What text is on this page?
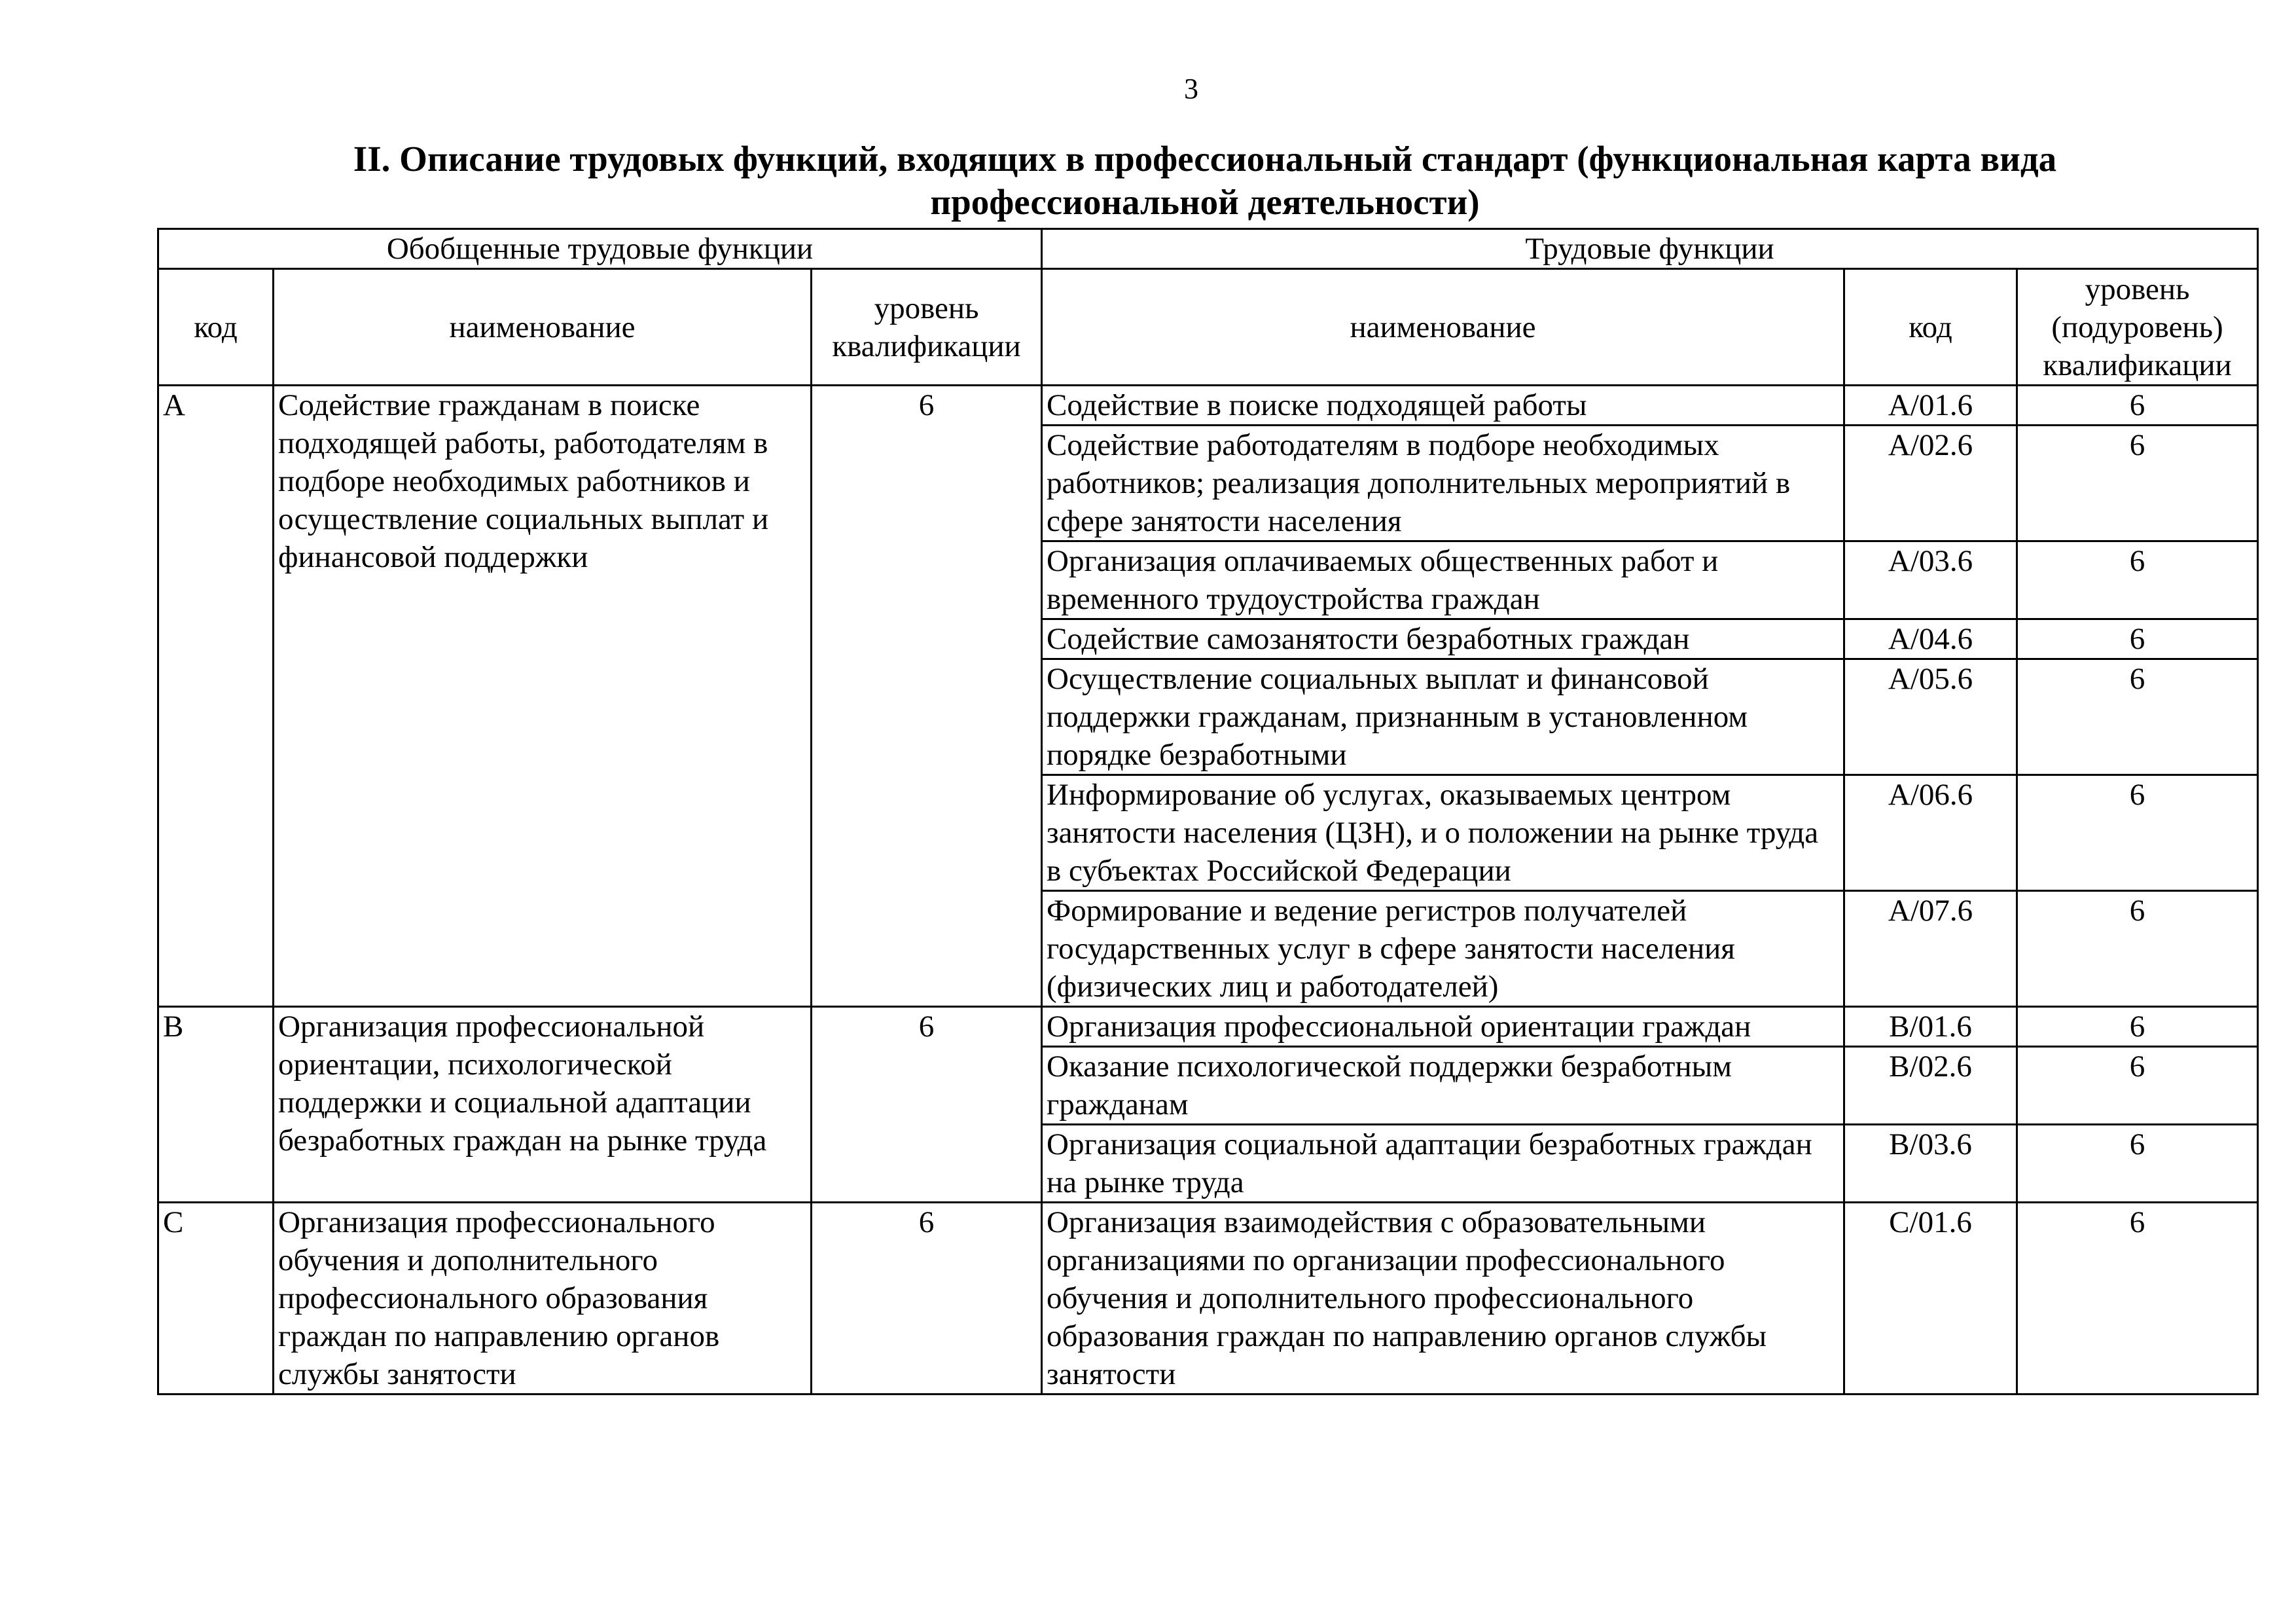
3
II. Описание трудовых функций, входящих в профессиональный стандарт (функциональная карта вида
профессиональной деятельности)
Обобщенные трудовые функции			Трудовые функции		
код	наименование	уровень квалификации	наименование	код	уровень (подуровень) квалификации
A	Содействие гражданам в поиске подходящей работы, работодателям в подборе необходимых работников и осуществление социальных выплат и финансовой поддержки	6	Содействие в поиске подходящей работы	A/01.6	6
			Содействие работодателям в подборе необходимых работников; реализация дополнительных мероприятий в сфере занятости населения	A/02.6	6
			Организация оплачиваемых общественных работ и временного трудоустройства граждан	A/03.6	6
			Содействие самозанятости безработных граждан	A/04.6	6
			Осуществление социальных выплат и финансовой поддержки гражданам, признанным в установленном порядке безработными	A/05.6	6
			Информирование об услугах, оказываемых центром занятости населения (ЦЗН), и о положении на рынке труда в субъектах Российской Федерации	A/06.6	6
			Формирование и ведение регистров получателей государственных услуг в сфере занятости населения (физических лиц и работодателей)	A/07.6	6
B	Организация профессиональной ориентации, психологической поддержки и социальной адаптации безработных граждан на рынке труда	6	Организация профессиональной ориентации граждан	B/01.6	6
			Оказание психологической поддержки безработным гражданам	B/02.6	6
			Организация социальной адаптации безработных граждан на рынке труда	B/03.6	6
C	Организация профессионального обучения и дополнительного профессионального образования граждан по направлению органов службы занятости	6	Организация взаимодействия с образовательными организациями по организации профессионального обучения и дополнительного профессионального образования граждан по направлению органов службы занятости	C/01.6	6
